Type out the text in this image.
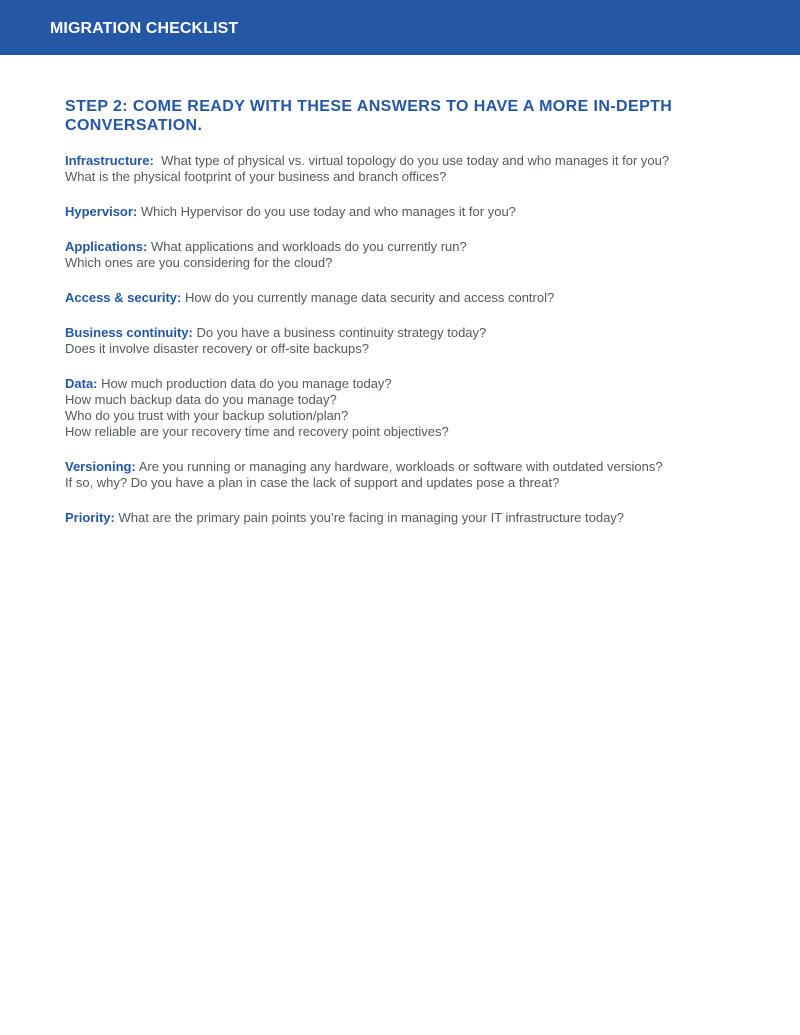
MIGRATION CHECKLIST
STEP 2: COME READY WITH THESE ANSWERS TO HAVE A MORE IN-DEPTH CONVERSATION.
Infrastructure: What type of physical vs. virtual topology do you use today and who manages it for you?
What is the physical footprint of your business and branch offices?
Hypervisor: Which Hypervisor do you use today and who manages it for you?
Applications: What applications and workloads do you currently run?
Which ones are you considering for the cloud?
Access & security: How do you currently manage data security and access control?
Business continuity: Do you have a business continuity strategy today?
Does it involve disaster recovery or off-site backups?
Data: How much production data do you manage today?
How much backup data do you manage today?
Who do you trust with your backup solution/plan?
How reliable are your recovery time and recovery point objectives?
Versioning: Are you running or managing any hardware, workloads or software with outdated versions?
If so, why? Do you have a plan in case the lack of support and updates pose a threat?
Priority: What are the primary pain points you’re facing in managing your IT infrastructure today?
